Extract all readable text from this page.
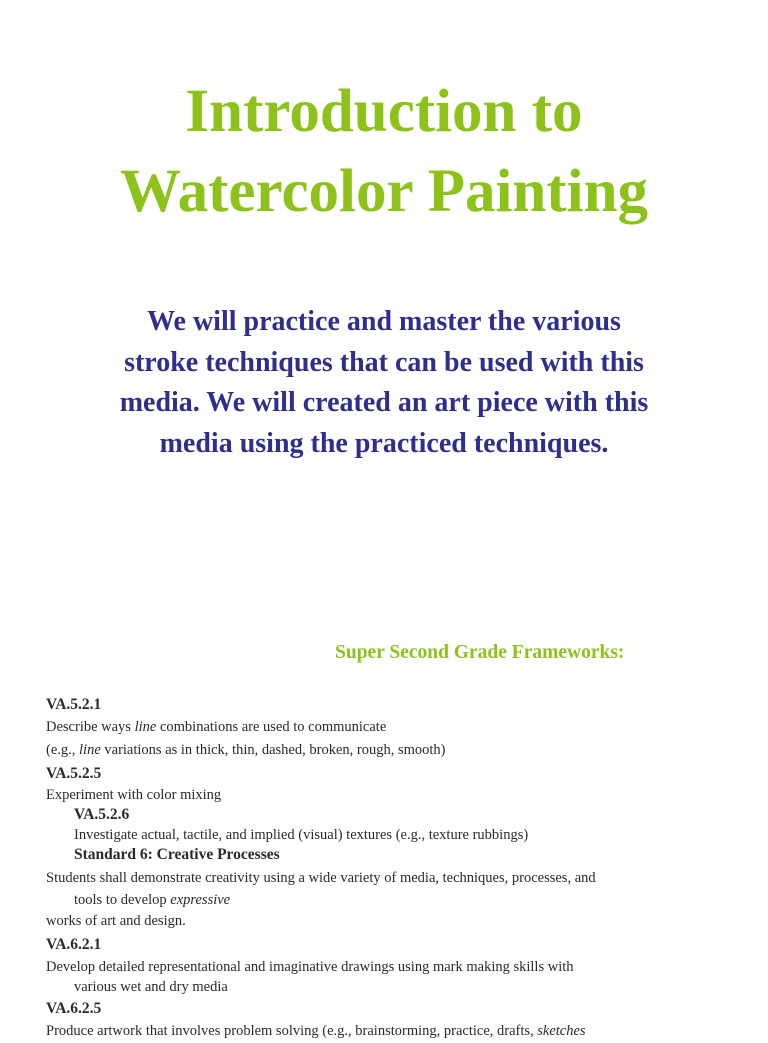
Introduction to
Watercolor Painting
We will practice and master the various
stroke techniques that can be used with this
media. We will created an art piece with this
media using the practiced techniques.
Super Second Grade Frameworks:
VA.5.2.1
Describe ways line combinations are used to communicate
(e.g., line variations as in thick, thin, dashed, broken, rough, smooth)
VA.5.2.5
Experiment with color mixing
VA.5.2.6
Investigate actual, tactile, and implied (visual) textures (e.g., texture rubbings)
Standard 6: Creative Processes
Students shall demonstrate creativity using a wide variety of media, techniques, processes, and
tools to develop expressive
works of art and design.
VA.6.2.1
Develop detailed representational and imaginative drawings using mark making skills with
various wet and dry media
VA.6.2.5
Produce artwork that involves problem solving (e.g., brainstorming, practice, drafts, sketches
